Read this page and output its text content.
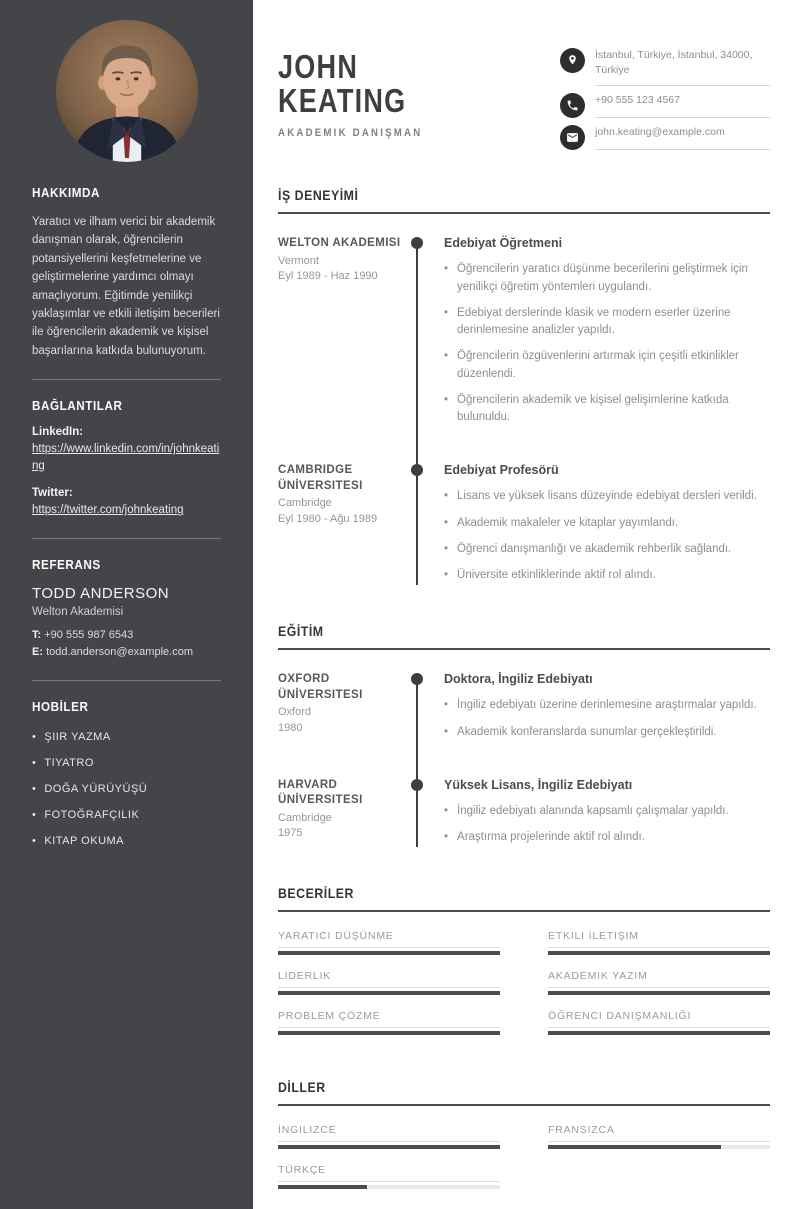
HAKKIMDA

Yaratıcı ve ilham verici bir akademik danışman olarak, öğrencilerin potansiyellerini keşfetmelerine ve geliştirmelerine yardımcı olmayı amaçlıyorum. Eğitimde yenilikçi yaklaşımlar ve etkili iletişim becerileri ile öğrencilerin akademik ve kişisel başarılarına katkıda bulunuyorum.

BAĞLANTILAR
LinkedIn:
https://www.linkedin.com/in/johnkeating
Twitter:
https://twitter.com/johnkeating
REFERANS
TODD ANDERSON
Welton Akademisi
T: +90 555 987 6543
E: todd.anderson@example.com
HOBİLER
• ŞIIR YAZMA
• TIYATRO
• DOĞA YÜRÜYÜŞÜ
• FOTOĞRAFÇILIK
• KITAP OKUMA
JOHN
KEATING
AKADEMIK DANIŞMAN
İstanbul, Türkiye, İstanbul, 34000, Türkiye
+90 555 123 4567
john.keating@example.com
İŞ DENEYİMİ
WELTON AKADEMISI
Vermont
Eyl 1989 - Haz 1990
Edebiyat Öğretmeni
• Öğrencilerin yaratıcı düşünme becerilerini geliştirmek için yenilikçi öğretim yöntemleri uygulandı.
• Edebiyat derslerinde klasik ve modern eserler üzerine derinlemesine analizler yapıldı.
• Öğrencilerin özgüvenlerini artırmak için çeşitli etkinlikler düzenlendi.
• Öğrencilerin akademik ve kişisel gelişimlerine katkıda bulunuldu.
CAMBRIDGE ÜNİVERSITESI
Cambridge
Eyl 1980 - Ağu 1989
Edebiyat Profesörü
• Lisans ve yüksek lisans düzeyinde edebiyat dersleri verildi.
• Akademik makaleler ve kitaplar yayımlandı.
• Öğrenci danışmanlığı ve akademik rehberlik sağlandı.
• Üniversite etkinliklerinde aktif rol alındı.
EĞİTİM
OXFORD ÜNİVERSITESI
Oxford
1980
Doktora, İngiliz Edebiyatı
• İngiliz edebiyatı üzerine derinlemesine araştırmalar yapıldı.
• Akademik konferanslarda sunumlar gerçekleştirildi.
HARVARD ÜNİVERSITESI
Cambridge
1975
Yüksek Lisans, İngiliz Edebiyatı
• İngiliz edebiyatı alanında kapsamlı çalışmalar yapıldı.
• Araştırma projelerinde aktif rol alındı.
BECERİLER
YARATICI DÜŞÜNME	ETKILI İLETIŞIM
LIDERLIK	AKADEMIK YAZIM
PROBLEM ÇÖZME	ÖĞRENCI DANIŞMANLIĞI
DİLLER
İNGILIZCE	FRANSIZCA
TÜRKÇE
